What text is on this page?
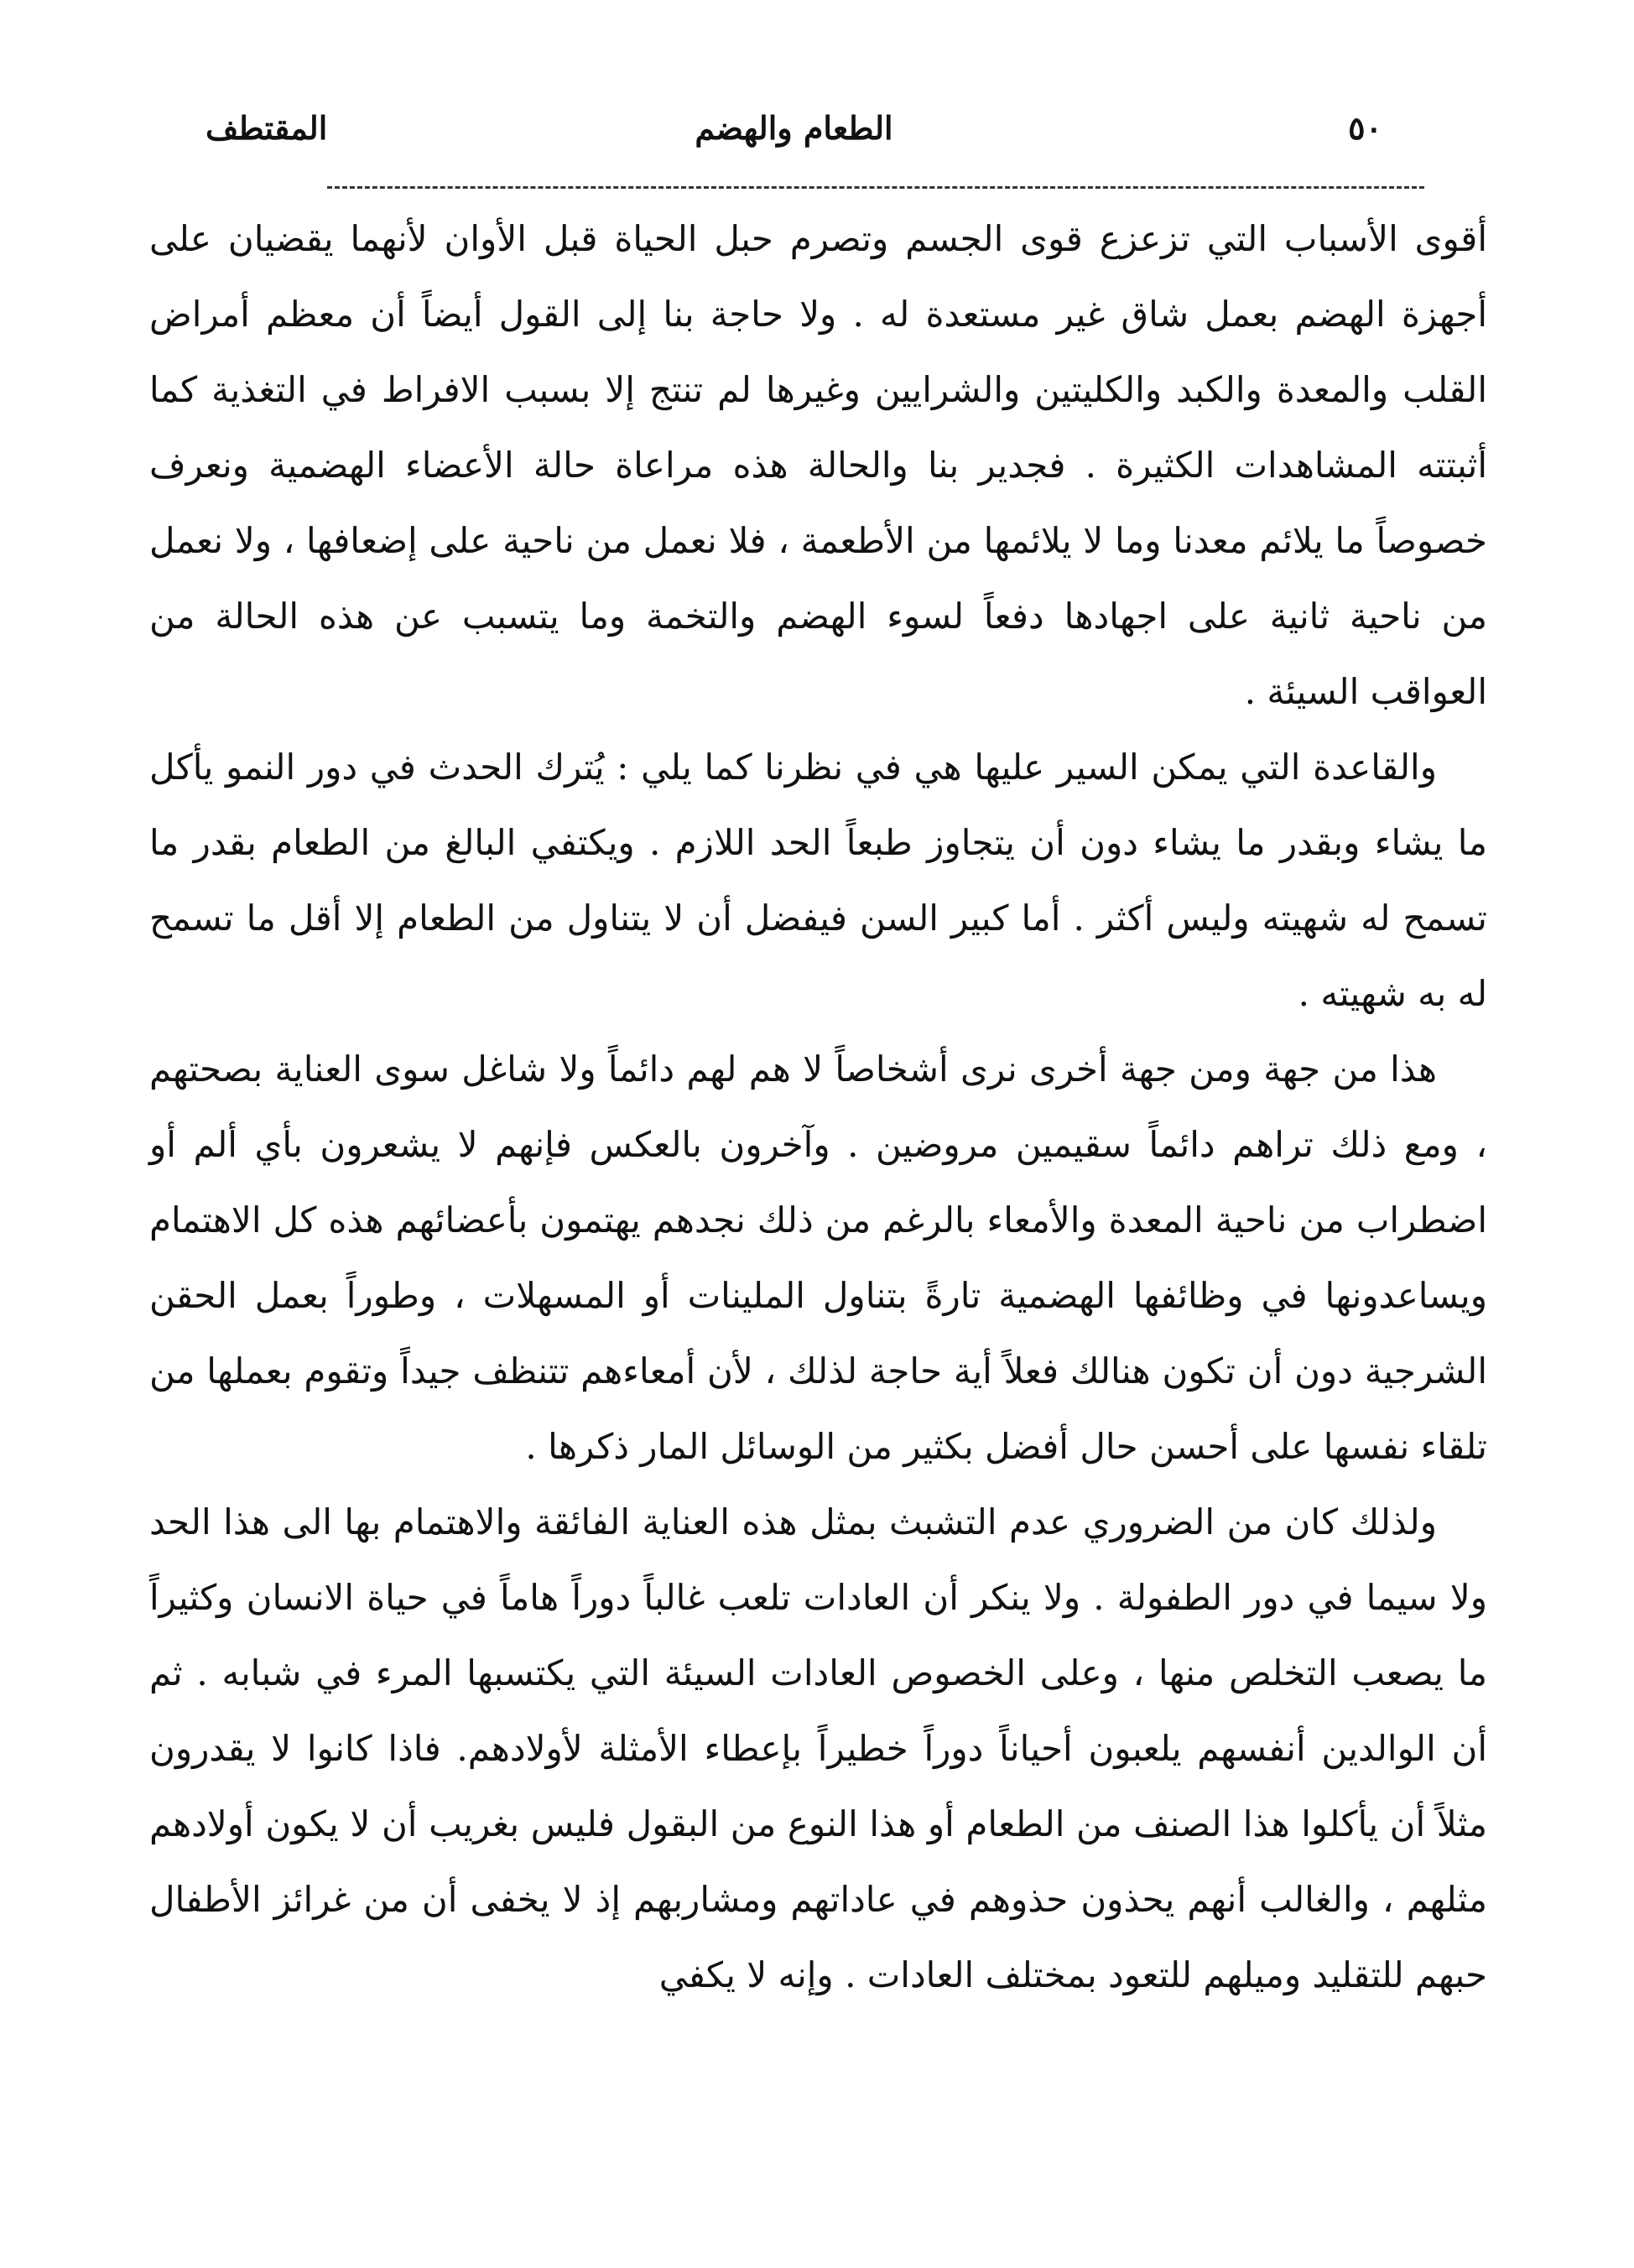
٥٠
الطعام والهضم
المقتطف

أقوى الأسباب التي تزعزع قوى الجسم وتصرم حبل الحياة قبل الأوان لأنهما يقضيان على أجهزة الهضم بعمل شاق غير مستعدة له . ولا حاجة بنا إلى القول أيضاً أن معظم أمراض القلب والمعدة والكبد والكليتين والشرايين وغيرها لم تنتج إلا بسبب الافراط في التغذية كما أثبتته المشاهدات الكثيرة . فجدير بنا والحالة هذه مراعاة حالة الأعضاء الهضمية ونعرف خصوصاً ما يلائم معدنا وما لا يلائمها من الأطعمة ، فلا نعمل من ناحية على إضعافها ، ولا نعمل من ناحية ثانية على اجهادها دفعاً لسوء الهضم والتخمة وما يتسبب عن هذه الحالة من العواقب السيئة .

والقاعدة التي يمكن السير عليها هي في نظرنا كما يلي : يُترك الحدث في دور النمو يأكل ما يشاء وبقدر ما يشاء دون أن يتجاوز طبعاً الحد اللازم . ويكتفي البالغ من الطعام بقدر ما تسمح له شهيته وليس أكثر . أما كبير السن فيفضل أن لا يتناول من الطعام إلا أقل ما تسمح له به شهيته .

هذا من جهة ومن جهة أخرى نرى أشخاصاً لا هم لهم دائماً ولا شاغل سوى العناية بصحتهم ، ومع ذلك تراهم دائماً سقيمين مروضين . وآخرون بالعكس فإنهم لا يشعرون بأي ألم أو اضطراب من ناحية المعدة والأمعاء بالرغم من ذلك نجدهم يهتمون بأعضائهم هذه كل الاهتمام ويساعدونها في وظائفها الهضمية تارةً بتناول الملينات أو المسهلات ، وطوراً بعمل الحقن الشرجية دون أن تكون هنالك فعلاً أية حاجة لذلك ، لأن أمعاءهم تتنظف جيداً وتقوم بعملها من تلقاء نفسها على أحسن حال أفضل بكثير من الوسائل المار ذكرها .

ولذلك كان من الضروري عدم التشبث بمثل هذه العناية الفائقة والاهتمام بها الى هذا الحد ولا سيما في دور الطفولة . ولا ينكر أن العادات تلعب غالباً دوراً هاماً في حياة الانسان وكثيراً ما يصعب التخلص منها ، وعلى الخصوص العادات السيئة التي يكتسبها المرء في شبابه . ثم أن الوالدين أنفسهم يلعبون أحياناً دوراً خطيراً بإعطاء الأمثلة لأولادهم. فاذا كانوا لا يقدرون مثلاً أن يأكلوا هذا الصنف من الطعام أو هذا النوع من البقول فليس بغريب أن لا يكون أولادهم مثلهم ، والغالب أنهم يحذون حذوهم في عاداتهم ومشاربهم إذ لا يخفى أن من غرائز الأطفال حبهم للتقليد وميلهم للتعود بمختلف العادات . وإنه لا يكفي
